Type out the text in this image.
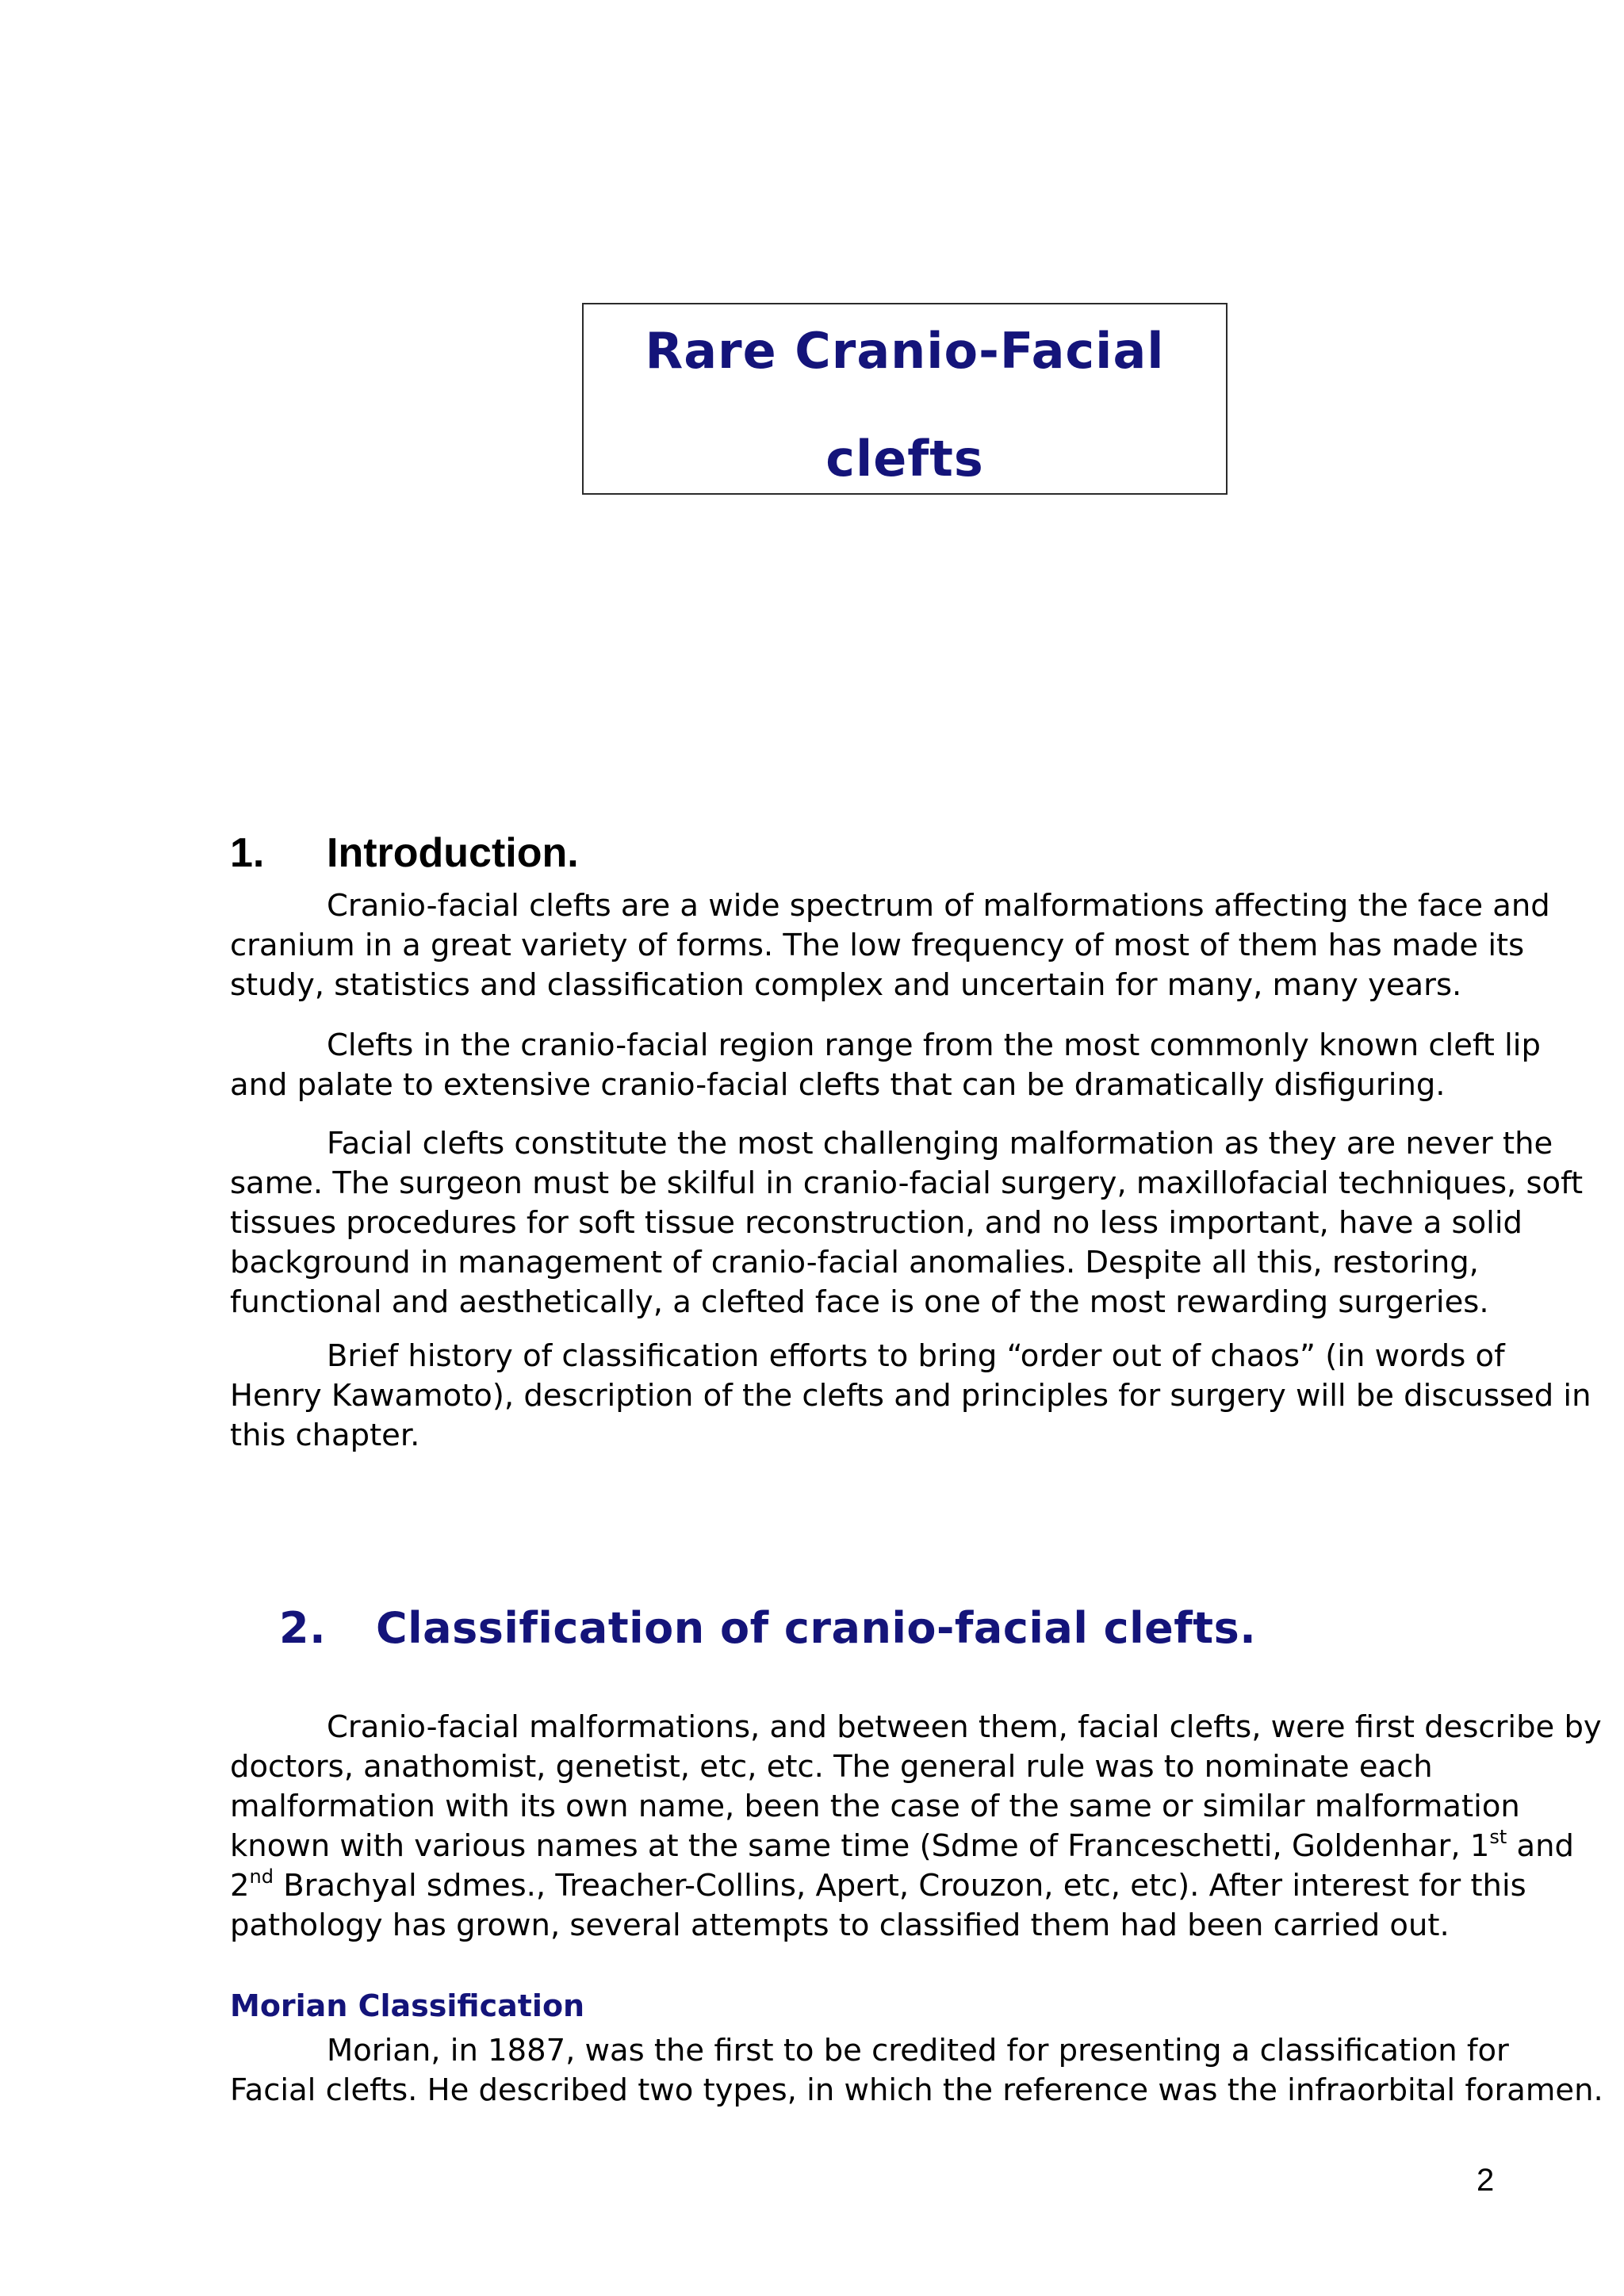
Rare Cranio-Facial
clefts
1. Introduction.
Cranio-facial clefts are a wide spectrum of malformations affecting the face and
cranium in a great variety of forms. The low frequency of most of them has made its
study, statistics and classification complex and uncertain for many, many years.
Clefts in the cranio-facial region range from the most commonly known cleft lip
and palate to extensive cranio-facial clefts that can be dramatically disfiguring.
Facial clefts constitute the most challenging malformation as they are never the
same. The surgeon must be skilful in cranio-facial surgery, maxillofacial techniques, soft
tissues procedures for soft tissue reconstruction, and no less important, have a solid
background in management of cranio-facial anomalies. Despite all this, restoring,
functional and aesthetically, a clefted face is one of the most rewarding surgeries.
Brief history of classification efforts to bring “order out of chaos” (in words of
Henry Kawamoto), description of the clefts and principles for surgery will be discussed in
this chapter.
2. Classification of cranio-facial clefts.
Cranio-facial malformations, and between them, facial clefts, were first describe by
doctors, anathomist, genetist, etc, etc. The general rule was to nominate each
malformation with its own name, been the case of the same or similar malformation
known with various names at the same time (Sdme of Franceschetti, Goldenhar, 1st and
2nd Brachyal sdmes., Treacher-Collins, Apert, Crouzon, etc, etc). After interest for this
pathology has grown, several attempts to classified them had been carried out.
Morian Classification
Morian, in 1887, was the first to be credited for presenting a classification for
Facial clefts. He described two types, in which the reference was the infraorbital foramen.
2
